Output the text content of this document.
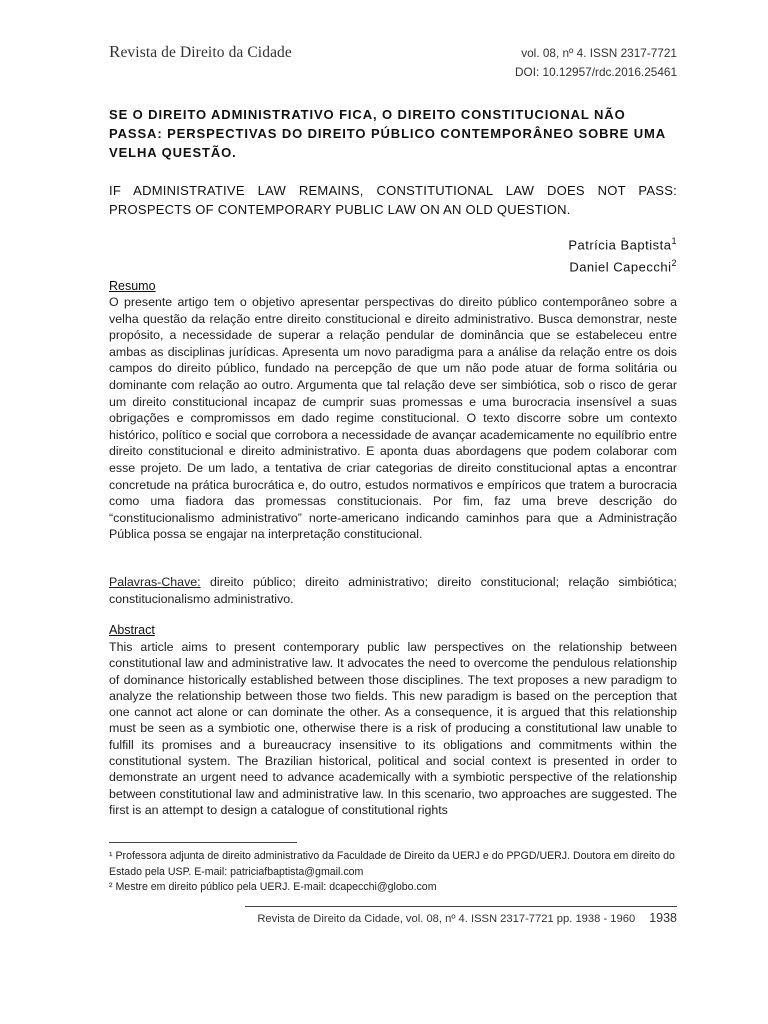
Revista de Direito da Cidade	vol. 08, nº 4. ISSN 2317-7721
DOI: 10.12957/rdc.2016.25461
SE O DIREITO ADMINISTRATIVO FICA, O DIREITO CONSTITUCIONAL NÃO PASSA: PERSPECTIVAS DO DIREITO PÚBLICO CONTEMPORÂNEO SOBRE UMA VELHA QUESTÃO.
IF ADMINISTRATIVE LAW REMAINS, CONSTITUTIONAL LAW DOES NOT PASS:
PROSPECTS OF CONTEMPORARY PUBLIC LAW ON AN OLD QUESTION.
Patrícia Baptista$^1$
Daniel Capecchi$^2$
Resumo
O presente artigo tem o objetivo apresentar perspectivas do direito público contemporâneo sobre a velha questão da relação entre direito constitucional e direito administrativo. Busca demonstrar, neste propósito, a necessidade de superar a relação pendular de dominância que se estabeleceu entre ambas as disciplinas jurídicas. Apresenta um novo paradigma para a análise da relação entre os dois campos do direito público, fundado na percepção de que um não pode atuar de forma solitária ou dominante com relação ao outro. Argumenta que tal relação deve ser simbiótica, sob o risco de gerar um direito constitucional incapaz de cumprir suas promessas e uma burocracia insensível a suas obrigações e compromissos em dado regime constitucional. O texto discorre sobre um contexto histórico, político e social que corrobora a necessidade de avançar academicamente no equilíbrio entre direito constitucional e direito administrativo. E aponta duas abordagens que podem colaborar com esse projeto. De um lado, a tentativa de criar categorias de direito constitucional aptas a encontrar concretude na prática burocrática e, do outro, estudos normativos e empíricos que tratem a burocracia como uma fiadora das promessas constitucionais. Por fim, faz uma breve descrição do “constitucionalismo administrativo” norte-americano indicando caminhos para que a Administração Pública possa se engajar na interpretação constitucional.
Palavras-Chave: direito público; direito administrativo; direito constitucional; relação simbiótica; constitucionalismo administrativo.
Abstract
This article aims to present contemporary public law perspectives on the relationship between constitutional law and administrative law. It advocates the need to overcome the pendulous relationship of dominance historically established between those disciplines. The text proposes a new paradigm to analyze the relationship between those two fields. This new paradigm is based on the perception that one cannot act alone or can dominate the other. As a consequence, it is argued that this relationship must be seen as a symbiotic one, otherwise there is a risk of producing a constitutional law unable to fulfill its promises and a bureaucracy insensitive to its obligations and commitments within the constitutional system. The Brazilian historical, political and social context is presented in order to demonstrate an urgent need to advance academically with a symbiotic perspective of the relationship between constitutional law and administrative law. In this scenario, two approaches are suggested. The first is an attempt to design a catalogue of constitutional rights

¹ Professora adjunta de direito administrativo da Faculdade de Direito da UERJ e do PPGD/UERJ. Doutora em direito do Estado pela USP. E-mail: patriciafbaptista@gmail.com

² Mestre em direito público pela UERJ. E-mail: dcapecchi@globo.com

Revista de Direito da Cidade, vol. 08, nº 4. ISSN 2317-7721 pp. 1938 - 1960 1938
